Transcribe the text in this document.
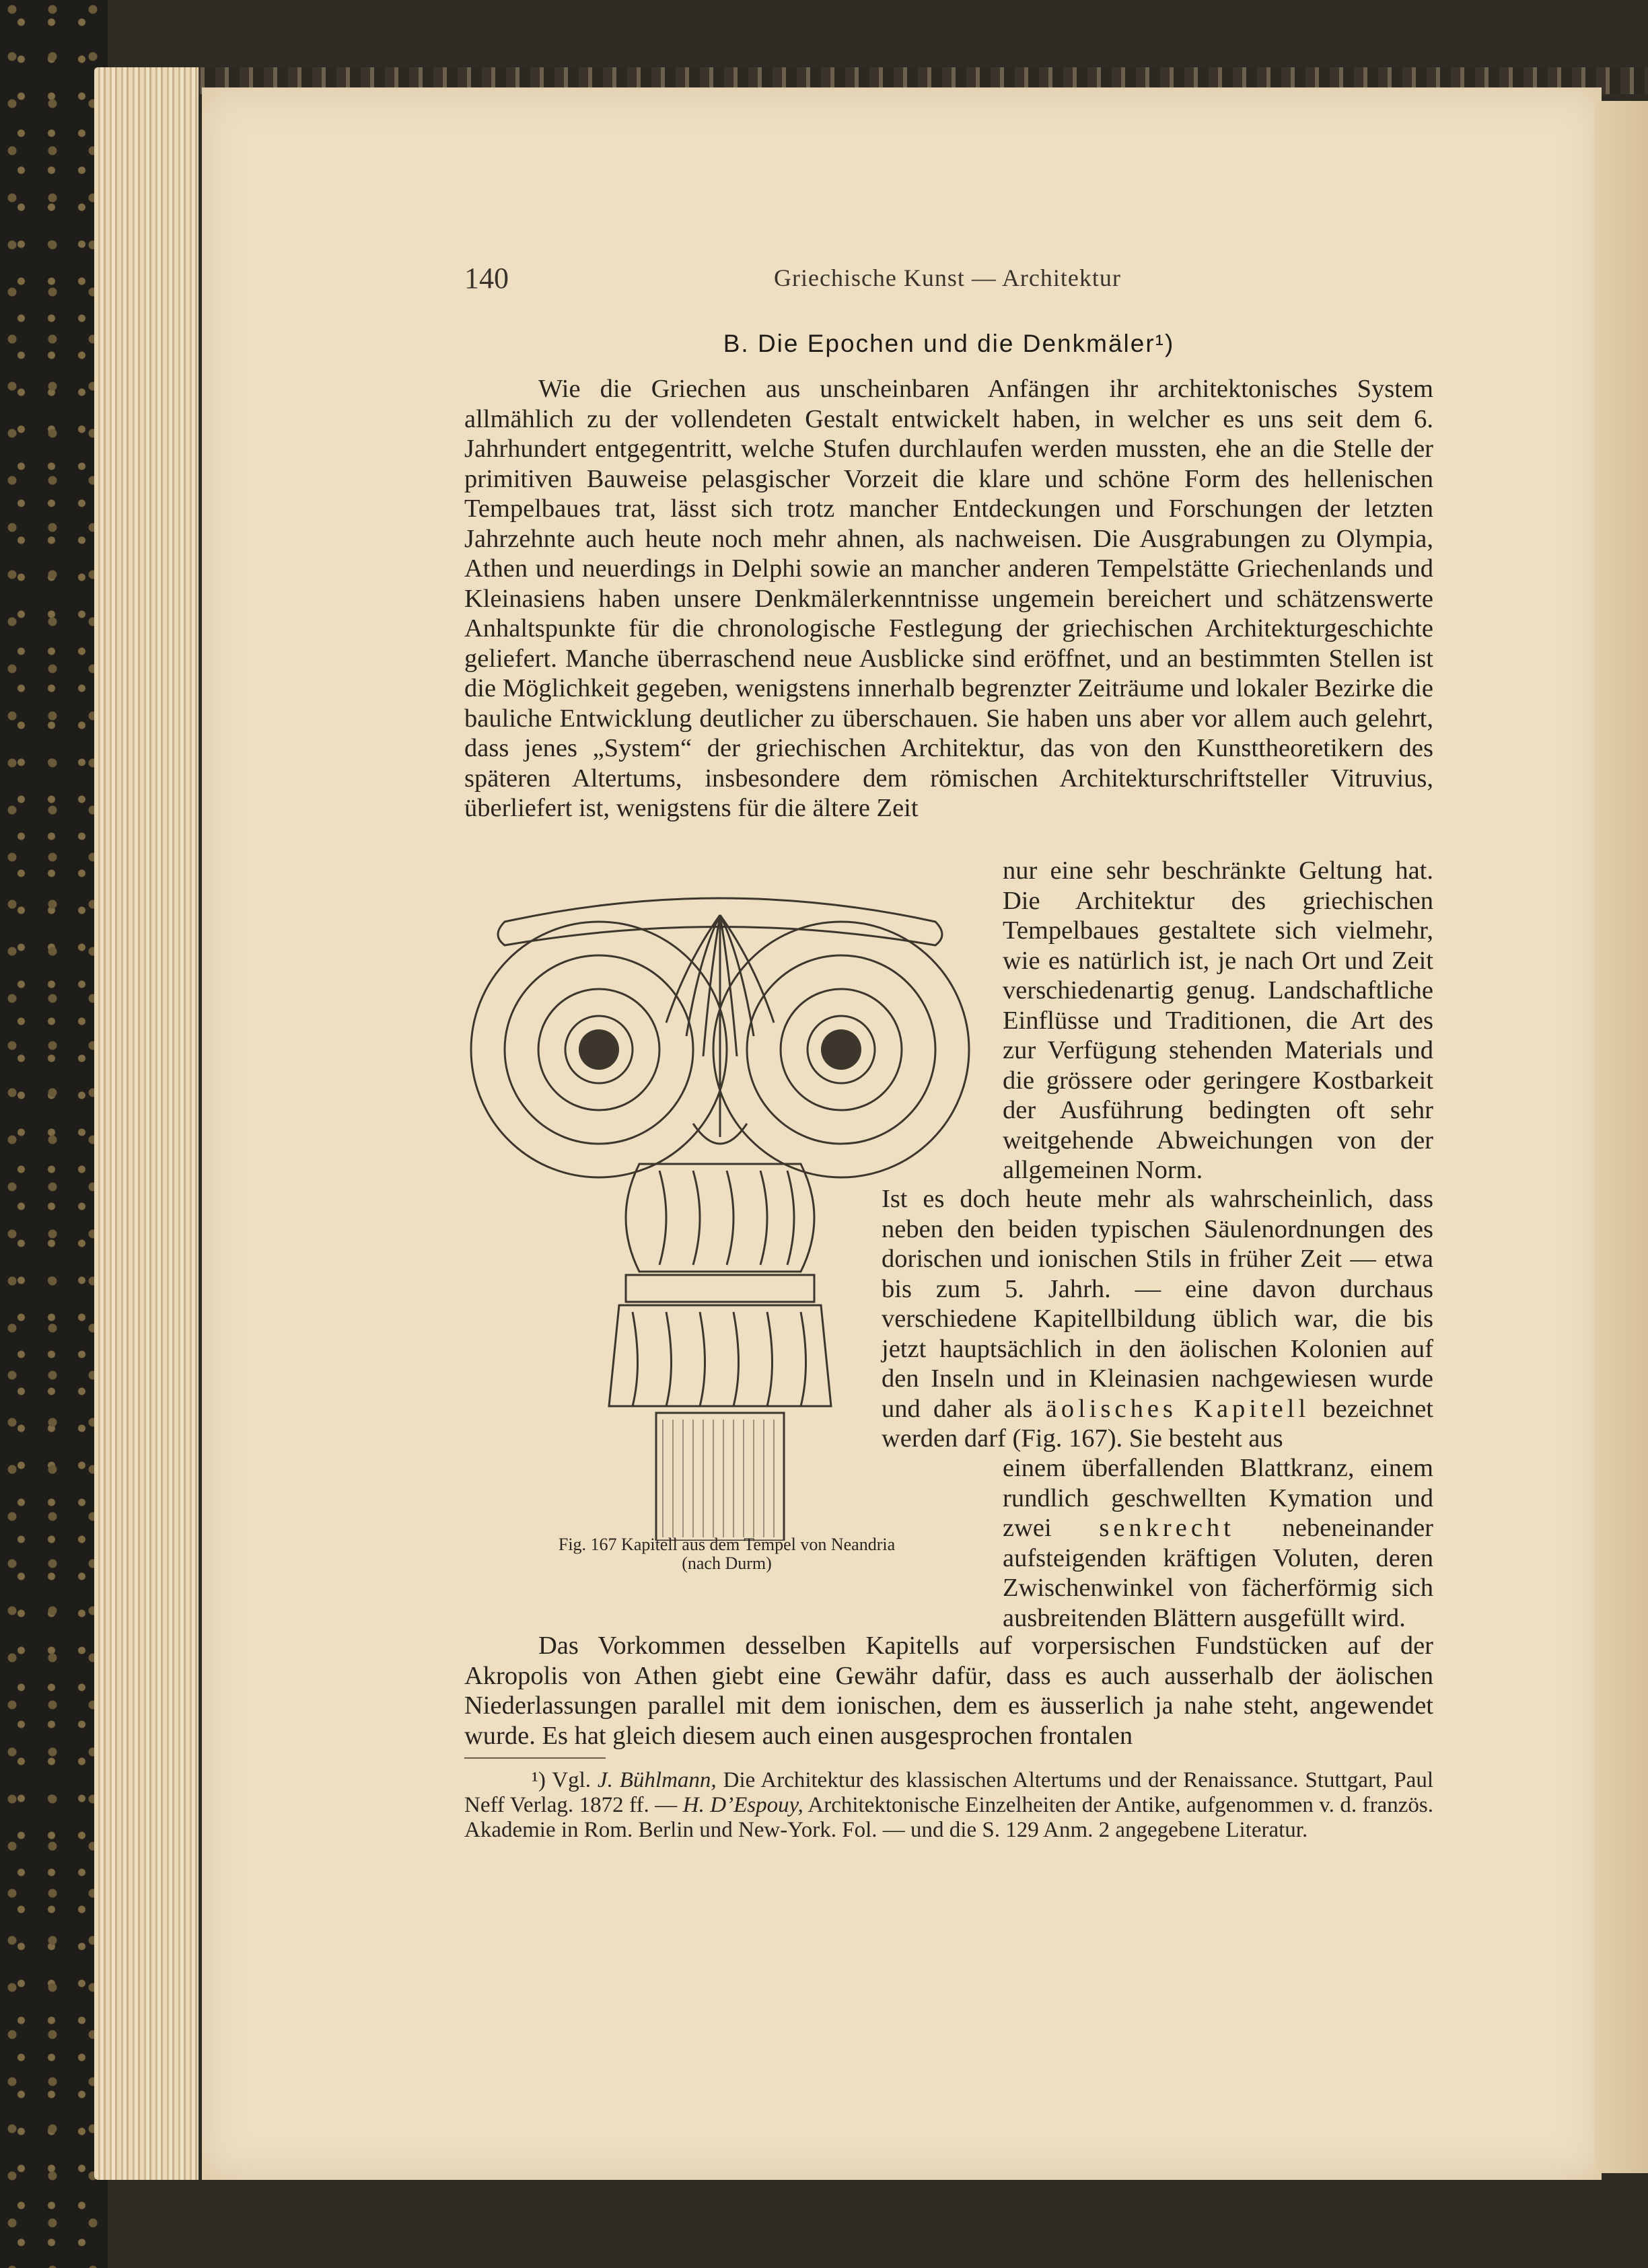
140	Griechische Kunst — Architektur
B. Die Epochen und die Denkmäler¹)

Wie die Griechen aus unscheinbaren Anfängen ihr architektonisches System allmählich zu der vollendeten Gestalt entwickelt haben, in welcher es uns seit dem 6. Jahrhundert entgegentritt, welche Stufen durchlaufen werden mussten, ehe an die Stelle der primitiven Bauweise pelasgischer Vorzeit die klare und schöne Form des hellenischen Tempelbaues trat, lässt sich trotz mancher Entdeckungen und Forschungen der letzten Jahrzehnte auch heute noch mehr ahnen, als nachweisen. Die Ausgrabungen zu Olympia, Athen und neuerdings in Delphi sowie an mancher anderen Tempelstätte Griechenlands und Kleinasiens haben unsere Denkmälerkenntnisse ungemein bereichert und schätzenswerte Anhaltspunkte für die chronologische Festlegung der griechischen Architekturgeschichte geliefert. Manche überraschend neue Ausblicke sind eröffnet, und an bestimmten Stellen ist die Möglichkeit gegeben, wenigstens innerhalb begrenzter Zeiträume und lokaler Bezirke die bauliche Entwicklung deutlicher zu überschauen. Sie haben uns aber vor allem auch gelehrt, dass jenes „System“ der griechischen Architektur, das von den Kunsttheoretikern des späteren Altertums, insbesondere dem römischen Architekturschriftsteller Vitruvius, überliefert ist, wenigstens für die ältere Zeit

nur eine sehr beschränkte Geltung hat. Die Architektur des griechischen Tempelbaues gestaltete sich vielmehr, wie es natürlich ist, je nach Ort und Zeit verschiedenartig genug. Landschaftliche Einflüsse und Traditionen, die Art des zur Verfügung stehenden Materials und die grössere oder geringere Kostbarkeit der Ausführung bedingten oft sehr weitgehende Abweichungen von der allgemeinen Norm.

Ist es doch heute mehr als wahrscheinlich, dass neben den beiden typischen Säulenordnungen des dorischen und ionischen Stils in früher Zeit — etwa bis zum 5. Jahrh. — eine davon durchaus verschiedene Kapitellbildung üblich war, die bis jetzt hauptsächlich in den äolischen Kolonien auf den Inseln und in Kleinasien nachgewiesen wurde und daher als äolisches Kapitell bezeichnet werden darf (Fig. 167). Sie besteht aus

einem überfallenden Blattkranz, einem rundlich geschwellten Kymation und zwei senkrecht nebeneinander aufsteigenden kräftigen Voluten, deren Zwischenwinkel von fächerförmig sich ausbreitenden Blättern ausgefüllt wird.

Das Vorkommen desselben Kapitells auf vorpersischen Fundstücken auf der Akropolis von Athen giebt eine Gewähr dafür, dass es auch ausserhalb der äolischen Niederlassungen parallel mit dem ionischen, dem es äusserlich ja nahe steht, angewendet wurde. Es hat gleich diesem auch einen ausgesprochen frontalen

Fig. 167 Kapitell aus dem Tempel von Neandria
(nach Durm)

¹) Vgl. J. Bühlmann, Die Architektur des klassischen Altertums und der Renaissance. Stuttgart, Paul Neff Verlag. 1872 ff. — H. D’Espouy, Architektonische Einzelheiten der Antike, aufgenommen v. d. französ. Akademie in Rom. Berlin und New-York. Fol. — und die S. 129 Anm. 2 angegebene Literatur.
